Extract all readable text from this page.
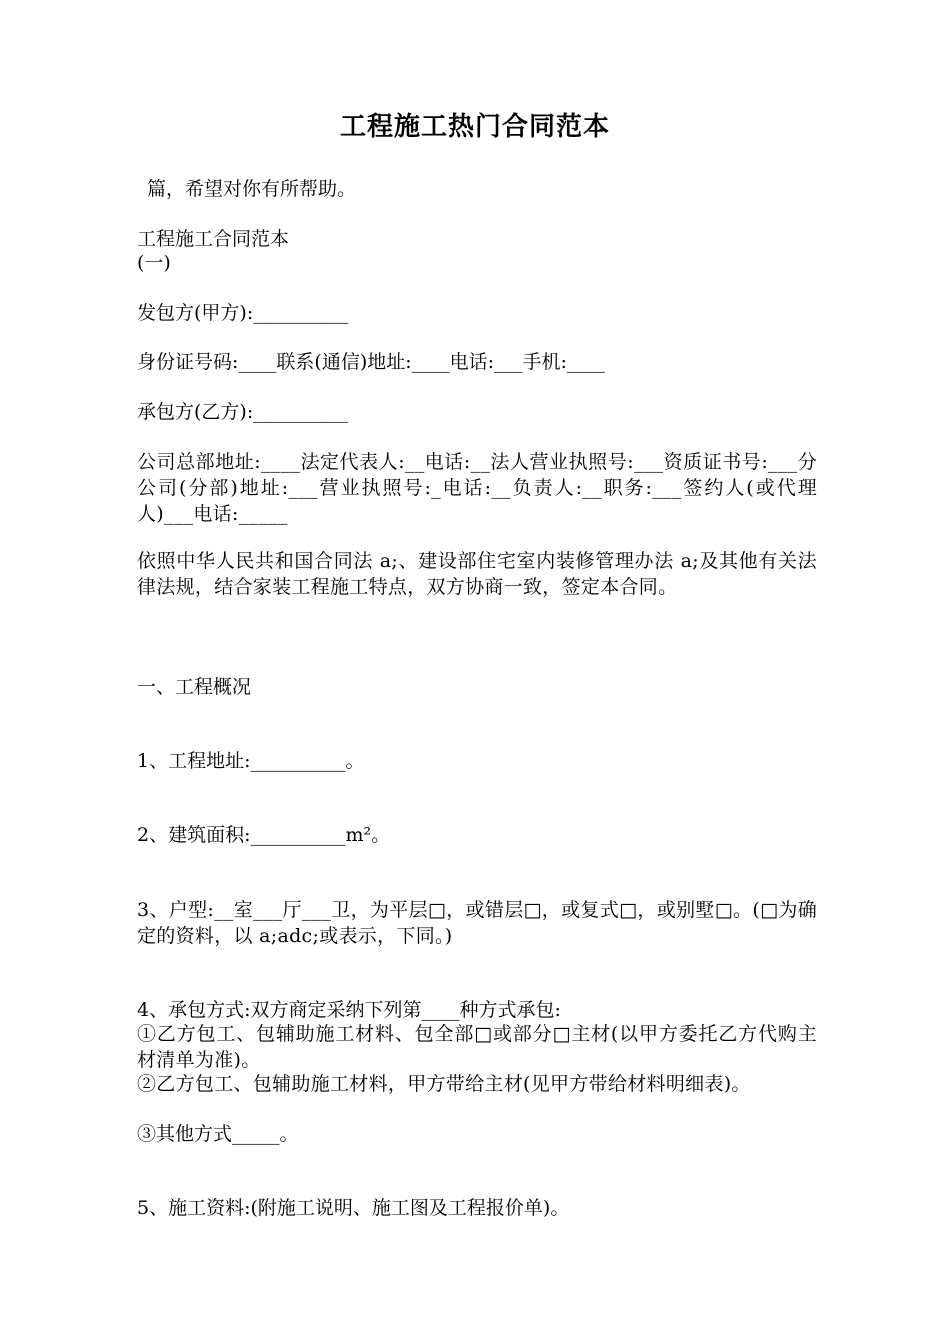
工程施工热门合同范本
篇，希望对你有所帮助。
工程施工合同范本
(一)
发包方(甲方):__________
身份证号码:____联系(通信)地址:____电话:___手机:____
承包方(乙方):__________
公司总部地址:____法定代表人:__电话:__法人营业执照号:___资质证书号:___分公司(分部)地址:___营业执照号:_电话:__负责人:__职务:___签约人(或代理人)___电话:_____
依照中华人民共和国合同法 a;、建设部住宅室内装修管理办法 a;及其他有关法律法规，结合家装工程施工特点，双方协商一致，签定本合同。
一、工程概况
1、工程地址:__________。
2、建筑面积:__________m²。
3、户型:__室___厅___卫，为平层□，或错层□，或复式□，或别墅□。(□为确定的资料，以 a;adc;或表示，下同。)
4、承包方式:双方商定采纳下列第____种方式承包:
①乙方包工、包辅助施工材料、包全部□或部分□主材(以甲方委托乙方代购主材清单为准)。
②乙方包工、包辅助施工材料，甲方带给主材(见甲方带给材料明细表)。
③其他方式_____。
5、施工资料:(附施工说明、施工图及工程报价单)。
